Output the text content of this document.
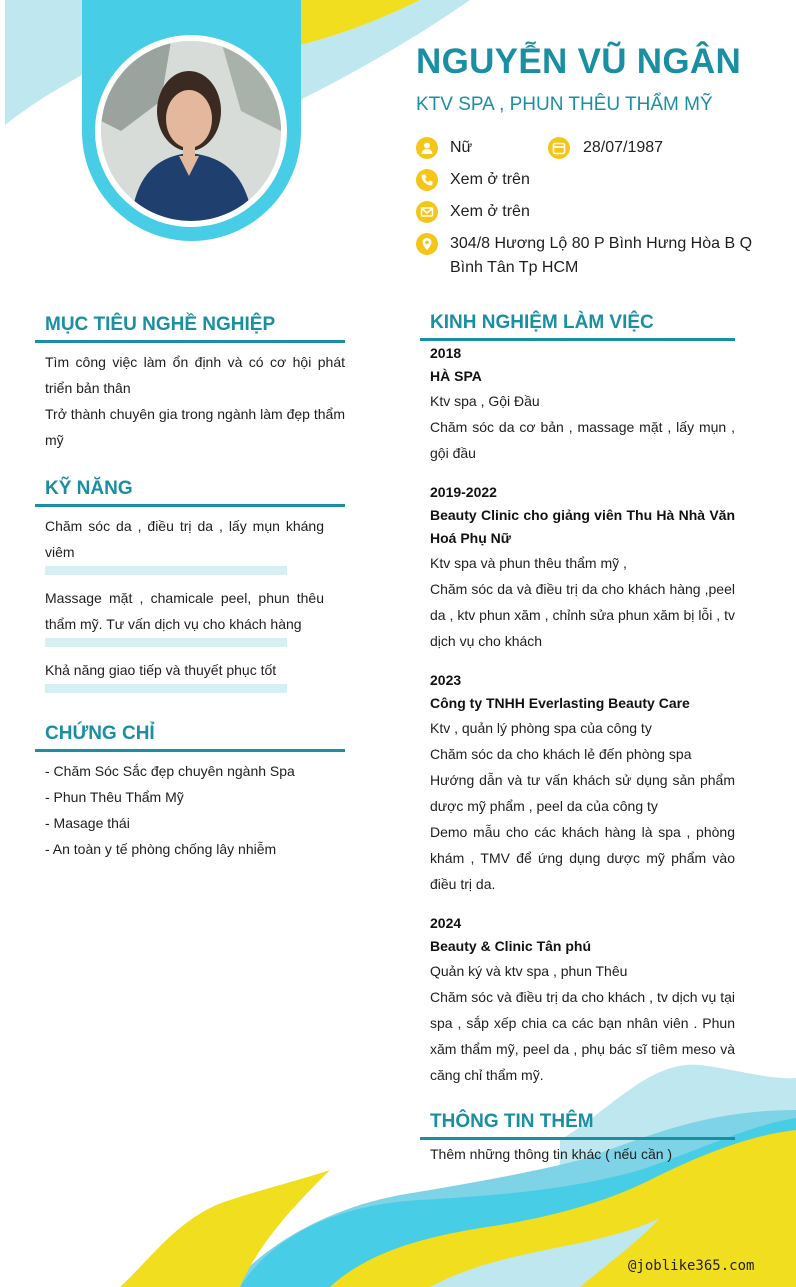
NGUYỄN VŨ NGÂN
KTV SPA , PHUN THÊU THẨM MỸ
Nữ	28/07/1987
Xem ở trên
Xem ở trên
304/8 Hương Lộ 80 P Bình Hưng Hòa B Q
Bình Tân Tp HCM
MỤC TIÊU NGHỀ NGHIỆP
Tìm công việc làm ổn định và có cơ hội phát triển bản thân
Trở thành chuyên gia trong ngành làm đẹp thẩm mỹ
KỸ NĂNG
Chăm sóc da , điều trị da , lấy mụn kháng viêm
Massage mặt , chamicale peel, phun thêu thẩm mỹ. Tư vấn dịch vụ cho khách hàng
Khả năng giao tiếp và thuyết phục tốt
CHỨNG CHỈ
- Chăm Sóc Sắc đẹp chuyên ngành Spa
- Phun Thêu Thẩm Mỹ
- Masage thái
- An toàn y tế phòng chống lây nhiễm
KINH NGHIỆM LÀM VIỆC
2018
HÀ SPA
Ktv spa , Gội Đầu
Chăm sóc da cơ bản , massage mặt , lấy mụn , gội đầu
2019-2022
Beauty Clinic cho giảng viên Thu Hà Nhà Văn Hoá Phụ Nữ
Ktv spa và phun thêu thẩm mỹ ,
Chăm sóc da và điều trị da cho khách hàng ,peel da , ktv phun xăm , chỉnh sửa phun xăm bị lỗi , tv dịch vụ cho khách
2023
Công ty TNHH Everlasting Beauty Care
Ktv , quản lý phòng spa của công ty
Chăm sóc da cho khách lẻ đến phòng spa
Hướng dẫn và tư vấn khách sử dụng sản phẩm dược mỹ phẩm , peel da của công ty
Demo mẫu cho các khách hàng là spa , phòng khám , TMV để ứng dụng dược mỹ phẩm vào điều trị da.
2024
Beauty & Clinic Tân phú
Quản ký và ktv spa , phun Thêu
Chăm sóc và điều trị da cho khách , tv dịch vụ tại spa , sắp xếp chia ca các bạn nhân viên . Phun xăm thẩm mỹ, peel da , phụ bác sĩ tiêm meso và căng chỉ thẩm mỹ.
THÔNG TIN THÊM
Thêm những thông tin khác ( nếu cần )
@joblike365.com
